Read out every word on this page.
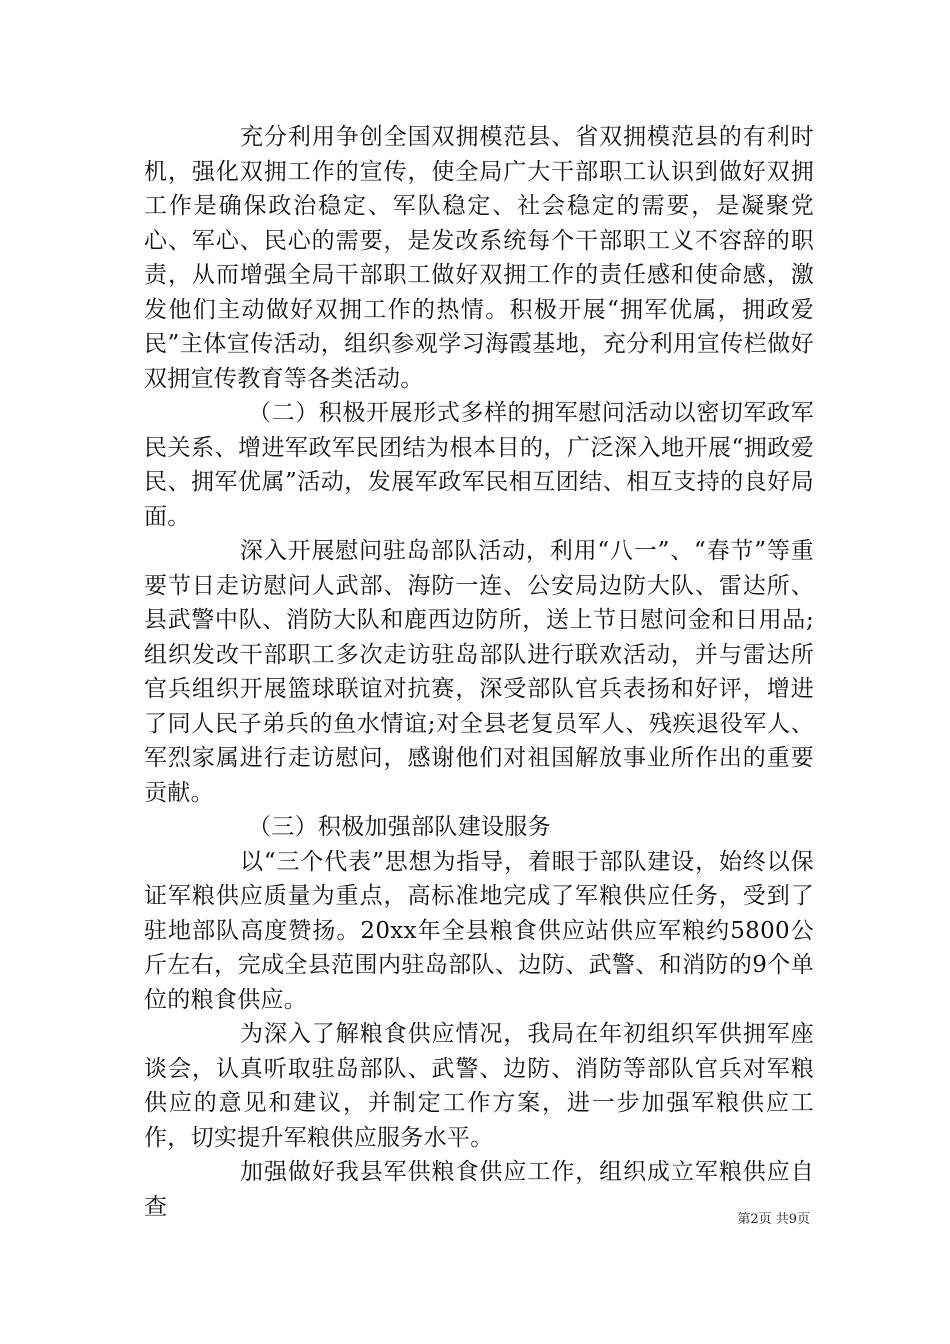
充分利用争创全国双拥模范县、省双拥模范县的有利时机，强化双拥工作的宣传，使全局广大干部职工认识到做好双拥工作是确保政治稳定、军队稳定、社会稳定的需要，是凝聚党心、军心、民心的需要，是发改系统每个干部职工义不容辞的职责，从而增强全局干部职工做好双拥工作的责任感和使命感，激发他们主动做好双拥工作的热情。积极开展“拥军优属，拥政爱民”主体宣传活动，组织参观学习海霞基地，充分利用宣传栏做好双拥宣传教育等各类活动。

（二）积极开展形式多样的拥军慰问活动以密切军政军民关系、增进军政军民团结为根本目的，广泛深入地开展“拥政爱民、拥军优属”活动，发展军政军民相互团结、相互支持的良好局面。

深入开展慰问驻岛部队活动，利用“八一”、“春节”等重要节日走访慰问人武部、海防一连、公安局边防大队、雷达所、县武警中队、消防大队和鹿西边防所，送上节日慰问金和日用品;组织发改干部职工多次走访驻岛部队进行联欢活动，并与雷达所官兵组织开展篮球联谊对抗赛，深受部队官兵表扬和好评，增进了同人民子弟兵的鱼水情谊;对全县老复员军人、残疾退役军人、军烈家属进行走访慰问，感谢他们对祖国解放事业所作出的重要贡献。

（三）积极加强部队建设服务

以“三个代表”思想为指导，着眼于部队建设，始终以保证军粮供应质量为重点，高标准地完成了军粮供应任务，受到了驻地部队高度赞扬。20xx年全县粮食供应站供应军粮约5800公斤左右，完成全县范围内驻岛部队、边防、武警、和消防的9个单位的粮食供应。

为深入了解粮食供应情况，我局在年初组织军供拥军座谈会，认真听取驻岛部队、武警、边防、消防等部队官兵对军粮供应的意见和建议，并制定工作方案，进一步加强军粮供应工作，切实提升军粮供应服务水平。

加强做好我县军供粮食供应工作，组织成立军粮供应自查	第2页 共9页
